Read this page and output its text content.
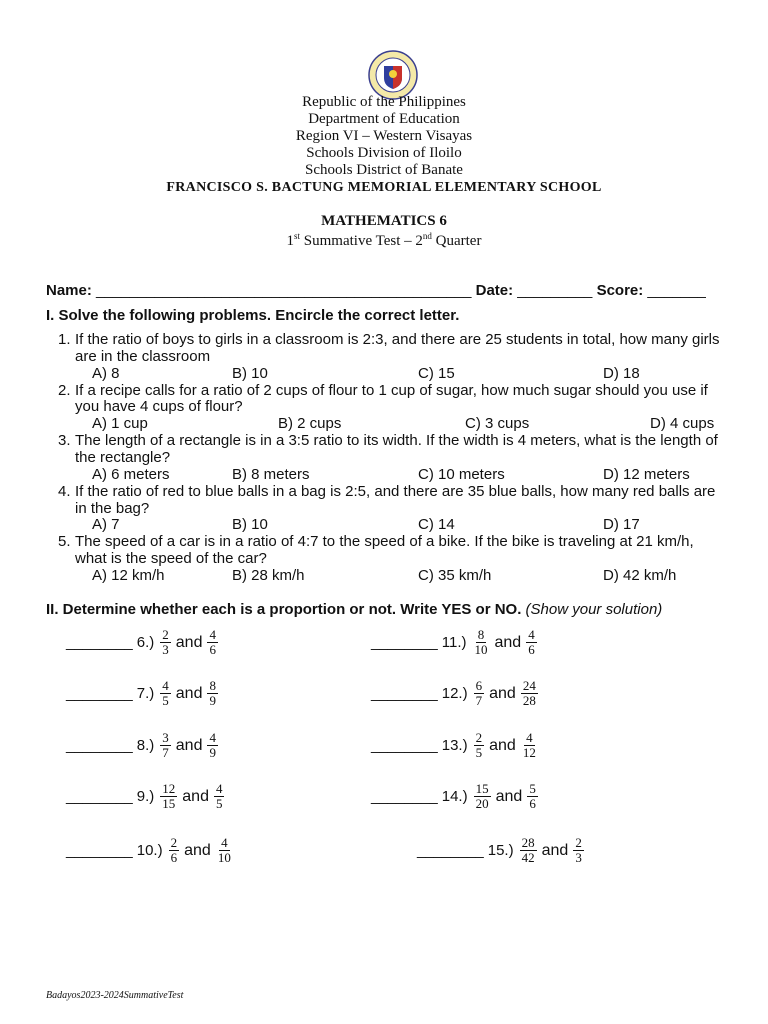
Republic of the Philippines
Department of Education
Region VI – Western Visayas
Schools Division of Iloilo
Schools District of Banate
FRANCISCO S. BACTUNG MEMORIAL ELEMENTARY SCHOOL
MATHEMATICS 6
1st Summative Test – 2nd Quarter
Name: _____________________________________________ Date: _________ Score: _______
I. Solve the following problems. Encircle the correct letter.
1. If the ratio of boys to girls in a classroom is 2:3, and there are 25 students in total, how many girls are in the classroom
A) 8	B) 10	C) 15	D) 18
2. If a recipe calls for a ratio of 2 cups of flour to 1 cup of sugar, how much sugar should you use if you have 4 cups of flour?
A) 1 cup	B) 2 cups	C) 3 cups	D) 4 cups
3. The length of a rectangle is in a 3:5 ratio to its width. If the width is 4 meters, what is the length of the rectangle?
A) 6 meters	B) 8 meters	C) 10 meters	D) 12 meters
4. If the ratio of red to blue balls in a bag is 2:5, and there are 35 blue balls, how many red balls are in the bag?
A) 7	B) 10	C) 14	D) 17
5. The speed of a car is in a ratio of 4:7 to the speed of a bike. If the bike is traveling at 21 km/h, what is the speed of the car?
A) 12 km/h	B) 28 km/h	C) 35 km/h	D) 42 km/h
II. Determine whether each is a proportion or not. Write YES or NO. (Show your solution)
________ $6.) \frac{2}{3}$ and $\frac{4}{6}$
________ $7.) \frac{4}{5}$ and $\frac{8}{9}$
________ $8.) \frac{3}{7}$ and $\frac{4}{9}$
________ $9.) \frac{12}{15}$ and $\frac{4}{5}$
________ $10.) \frac{2}{6}$ and $\frac{4}{10}$
________ $11.) \frac{8}{10}$ and $\frac{4}{6}$
________ $12.) \frac{6}{7}$ and $\frac{24}{28}$
________ $13.) \frac{2}{5}$ and $\frac{4}{12}$
________ $14.) \frac{15}{20}$ and $\frac{5}{6}$
________ $15.) \frac{28}{42}$ and $\frac{2}{3}$
Badayos2023-2024SummativeTest
